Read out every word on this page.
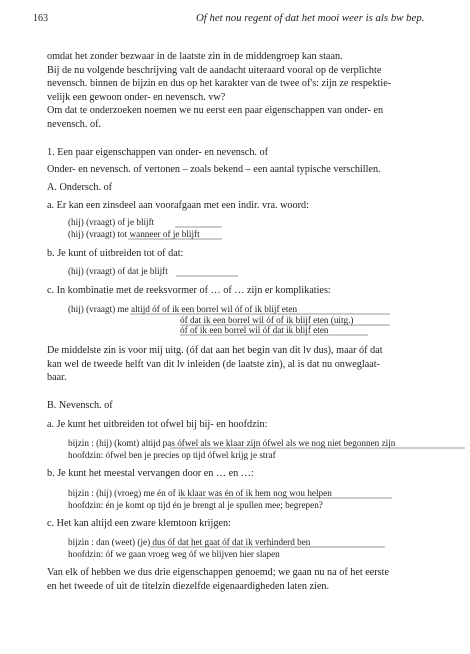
163	Of het nou regent of dat het mooi weer is als bw bep.
omdat het zonder bezwaar in de laatste zin in de middengroep kan staan.
Bij de nu volgende beschrijving valt de aandacht uiteraard vooral op de verplichte
nevensch. binnen de bijzin en dus op het karakter van de twee of's: zijn ze respektie-
velijk een gewoon onder- en nevensch. vw?
Om dat te onderzoeken noemen we nu eerst een paar eigenschappen van onder- en
nevensch. of.
1. Een paar eigenschappen van onder- en nevensch. of
Onder- en nevensch. of vertonen – zoals bekend – een aantal typische verschillen.
A. Ondersch. of
a. Er kan een zinsdeel aan voorafgaan met een indir. vra. woord:
(hij) (vraagt) of je blijft
(hij) (vraagt) tot wanneer of je blijft
b. Je kunt of uitbreiden tot of dat:
(hij) (vraagt) of dat je blijft
c. In kombinatie met de reeksvormer of … of … zijn er komplikaties:
(hij) (vraagt) me altijd óf of ik een borrel wil óf of ik blijf eten
óf dat ik een borrel wil óf of ik blijf eten (uitg.)
óf of ik een borrel wil óf dat ik blijf eten
De middelste zin is voor mij uitg. (óf dat aan het begin van dit lv dus), maar óf dat
kan wel de tweede helft van dit lv inleiden (de laatste zin), al is dat nu onweglaat-
baar.
B. Nevensch. of
a. Je kunt het uitbreiden tot ofwel bij bij- en hoofdzin:
bijzin : (hij) (komt) altijd pas ófwel als we klaar zijn ófwel als we nog niet begonnen zijn
hoofdzin: ófwel ben je precies op tijd ófwel krijg je straf
b. Je kunt het meestal vervangen door en … en …:
bijzin : (hij) (vroeg) me én of ik klaar was én of ik hem nog wou helpen
hoofdzin: én je komt op tijd én je brengt al je spullen mee; begrepen?
c. Het kan altijd een zware klemtoon krijgen:
bijzin : dan (weet) (je) dus óf dat het gaat óf dat ik verhinderd ben
hoofdzin: óf we gaan vroeg weg óf we blijven hier slapen
Van elk of hebben we dus drie eigenschappen genoemd; we gaan nu na of het eerste
en het tweede of uit de titelzin diezelfde eigenaardigheden laten zien.
